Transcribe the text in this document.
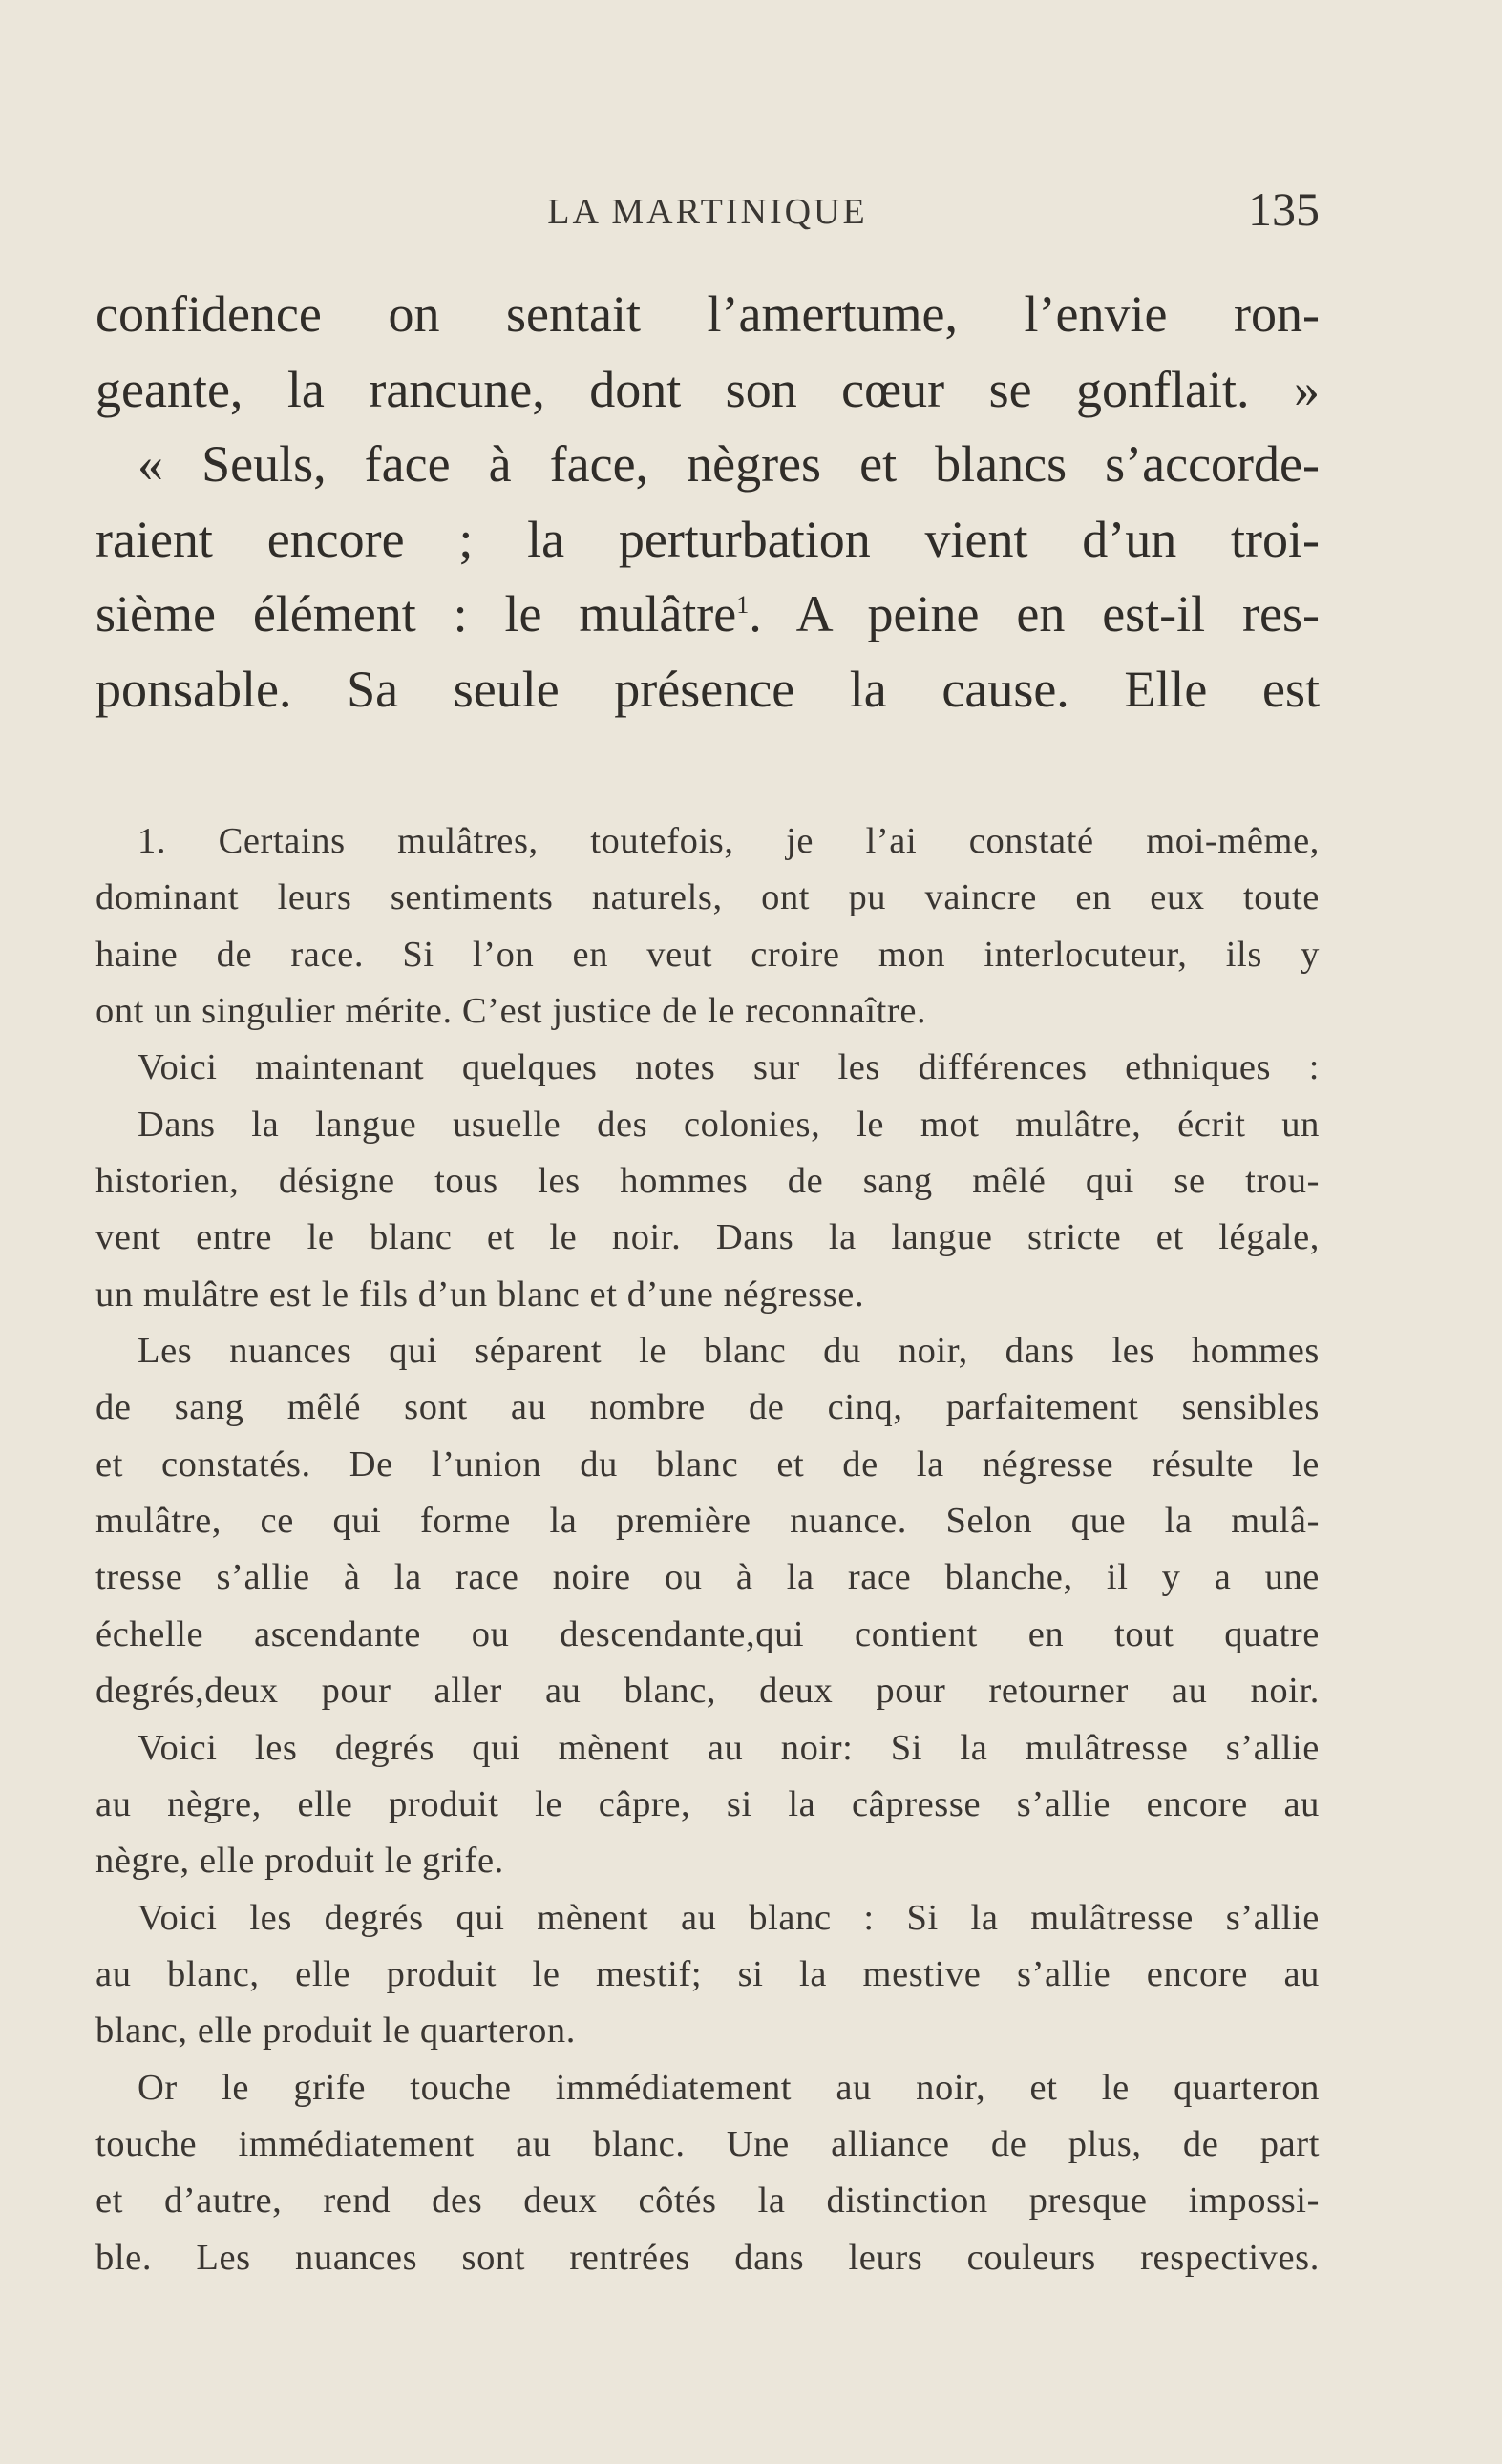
LA MARTINIQUE	135
confidence on sentait l’amertume, l’envie ron-
geante, la rancune, dont son cœur se gonflait. »
« Seuls, face à face, nègres et blancs s’accorde-
raient encore ; la perturbation vient d’un troi-
sième élément : le mulâtre$^1$. A peine en est-il res-
ponsable. Sa seule présence la cause. Elle est
1. Certains mulâtres, toutefois, je l’ai constaté moi-même,
dominant leurs sentiments naturels, ont pu vaincre en eux toute
haine de race. Si l’on en veut croire mon interlocuteur, ils y
ont un singulier mérite. C’est justice de le reconnaître.
Voici maintenant quelques notes sur les différences ethniques :
Dans la langue usuelle des colonies, le mot mulâtre, écrit un
historien, désigne tous les hommes de sang mêlé qui se trou-
vent entre le blanc et le noir. Dans la langue stricte et légale,
un mulâtre est le fils d’un blanc et d’une négresse.
Les nuances qui séparent le blanc du noir, dans les hommes
de sang mêlé sont au nombre de cinq, parfaitement sensibles
et constatés. De l’union du blanc et de la négresse résulte le
mulâtre, ce qui forme la première nuance. Selon que la mulâ-
tresse s’allie à la race noire ou à la race blanche, il y a une
échelle ascendante ou descendante,qui contient en tout quatre
degrés,deux pour aller au blanc, deux pour retourner au noir.
Voici les degrés qui mènent au noir: Si la mulâtresse s’allie
au nègre, elle produit le câpre, si la câpresse s’allie encore au
nègre, elle produit le grife.
Voici les degrés qui mènent au blanc : Si la mulâtresse s’allie
au blanc, elle produit le mestif; si la mestive s’allie encore au
blanc, elle produit le quarteron.
Or le grife touche immédiatement au noir, et le quarteron
touche immédiatement au blanc. Une alliance de plus, de part
et d’autre, rend des deux côtés la distinction presque impossi-
ble. Les nuances sont rentrées dans leurs couleurs respectives.
